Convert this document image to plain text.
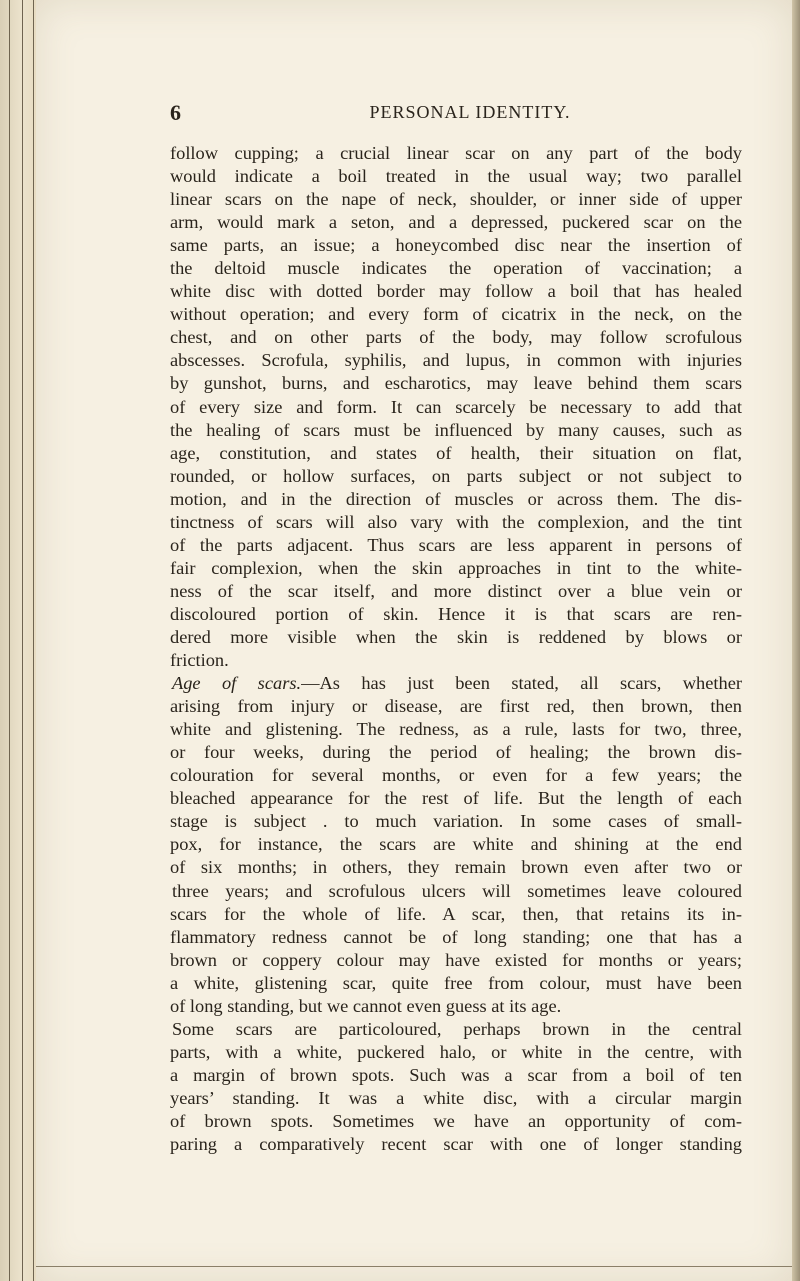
6	PERSONAL IDENTITY.
follow cupping; a crucial linear scar on any part of the body
would indicate a boil treated in the usual way; two parallel
linear scars on the nape of neck, shoulder, or inner side of upper
arm, would mark a seton, and a depressed, puckered scar on the
same parts, an issue; a honeycombed disc near the insertion of
the deltoid muscle indicates the operation of vaccination; a
white disc with dotted border may follow a boil that has healed
without operation; and every form of cicatrix in the neck, on the
chest, and on other parts of the body, may follow scrofulous
abscesses. Scrofula, syphilis, and lupus, in common with injuries
by gunshot, burns, and escharotics, may leave behind them scars
of every size and form. It can scarcely be necessary to add that
the healing of scars must be influenced by many causes, such as
age, constitution, and states of health, their situation on flat,
rounded, or hollow surfaces, on parts subject or not subject to
motion, and in the direction of muscles or across them. The dis-
tinctness of scars will also vary with the complexion, and the tint
of the parts adjacent. Thus scars are less apparent in persons of
fair complexion, when the skin approaches in tint to the white-
ness of the scar itself, and more distinct over a blue vein or
discoloured portion of skin. Hence it is that scars are ren-
dered more visible when the skin is reddened by blows or
friction.
Age of scars.—As has just been stated, all scars, whether
arising from injury or disease, are first red, then brown, then
white and glistening. The redness, as a rule, lasts for two, three,
or four weeks, during the period of healing; the brown dis-
colouration for several months, or even for a few years; the
bleached appearance for the rest of life. But the length of each
stage is subject . to much variation. In some cases of small-
pox, for instance, the scars are white and shining at the end
of six months; in others, they remain brown even after two or
three years; and scrofulous ulcers will sometimes leave coloured
scars for the whole of life. A scar, then, that retains its in-
flammatory redness cannot be of long standing; one that has a
brown or coppery colour may have existed for months or years;
a white, glistening scar, quite free from colour, must have been
of long standing, but we cannot even guess at its age.
Some scars are particoloured, perhaps brown in the central
parts, with a white, puckered halo, or white in the centre, with
a margin of brown spots. Such was a scar from a boil of ten
years’ standing. It was a white disc, with a circular margin
of brown spots. Sometimes we have an opportunity of com-
paring a comparatively recent scar with one of longer standing
